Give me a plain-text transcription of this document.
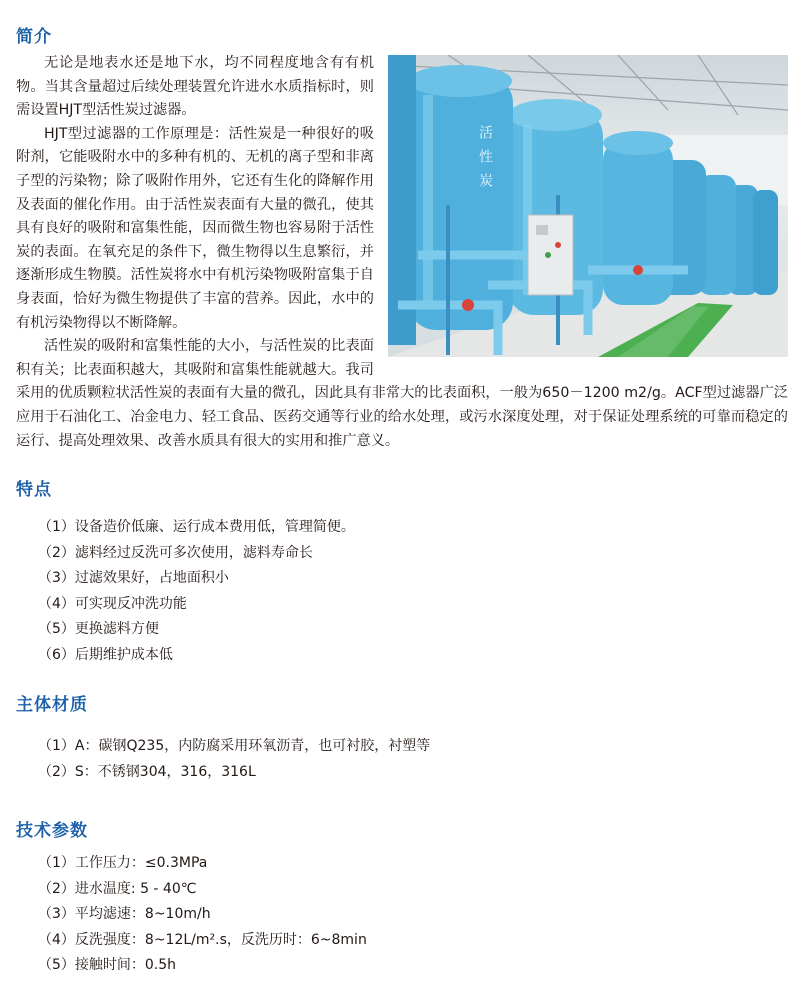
简介
活性炭

无论是地表水还是地下水，均不同程度地含有有机物。当其含量超过后续处理装置允许进水水质指标时，则需设置HJT型活性炭过滤器。

HJT型过滤器的工作原理是：活性炭是一种很好的吸附剂，它能吸附水中的多种有机的、无机的离子型和非离子型的污染物；除了吸附作用外，它还有生化的降解作用及表面的催化作用。由于活性炭表面有大量的微孔，使其具有良好的吸附和富集性能，因而微生物也容易附于活性炭的表面。在氧充足的条件下，微生物得以生息繁衍，并逐渐形成生物膜。活性炭将水中有机污染物吸附富集于自身表面，恰好为微生物提供了丰富的营养。因此，水中的有机污染物得以不断降解。

活性炭的吸附和富集性能的大小，与活性炭的比表面积有关；比表面积越大，其吸附和富集性能就越大。我司采用的优质颗粒状活性炭的表面有大量的微孔，因此具有非常大的比表面积，一般为650－1200 m2/g。ACF型过滤器广泛应用于石油化工、冶金电力、轻工食品、医药交通等行业的给水处理，或污水深度处理，对于保证处理系统的可靠而稳定的运行、提高处理效果、改善水质具有很大的实用和推广意义。

特点
（1）设备造价低廉、运行成本费用低，管理简便。
（2）滤料经过反洗可多次使用，滤料寿命长
（3）过滤效果好，占地面积小
（4）可实现反冲洗功能
（5）更换滤料方便
（6）后期维护成本低
主体材质
（1）A：碳钢Q235，内防腐采用环氧沥青，也可衬胶，衬塑等
（2）S：不锈钢304，316，316L
技术参数
（1）工作压力：≤0.3MPa
（2）进水温度: 5 - 40℃
（3）平均滤速：8~10m/h
（4）反洗强度：8~12L/m².s，反洗历时：6~8min
（5）接触时间：0.5h
